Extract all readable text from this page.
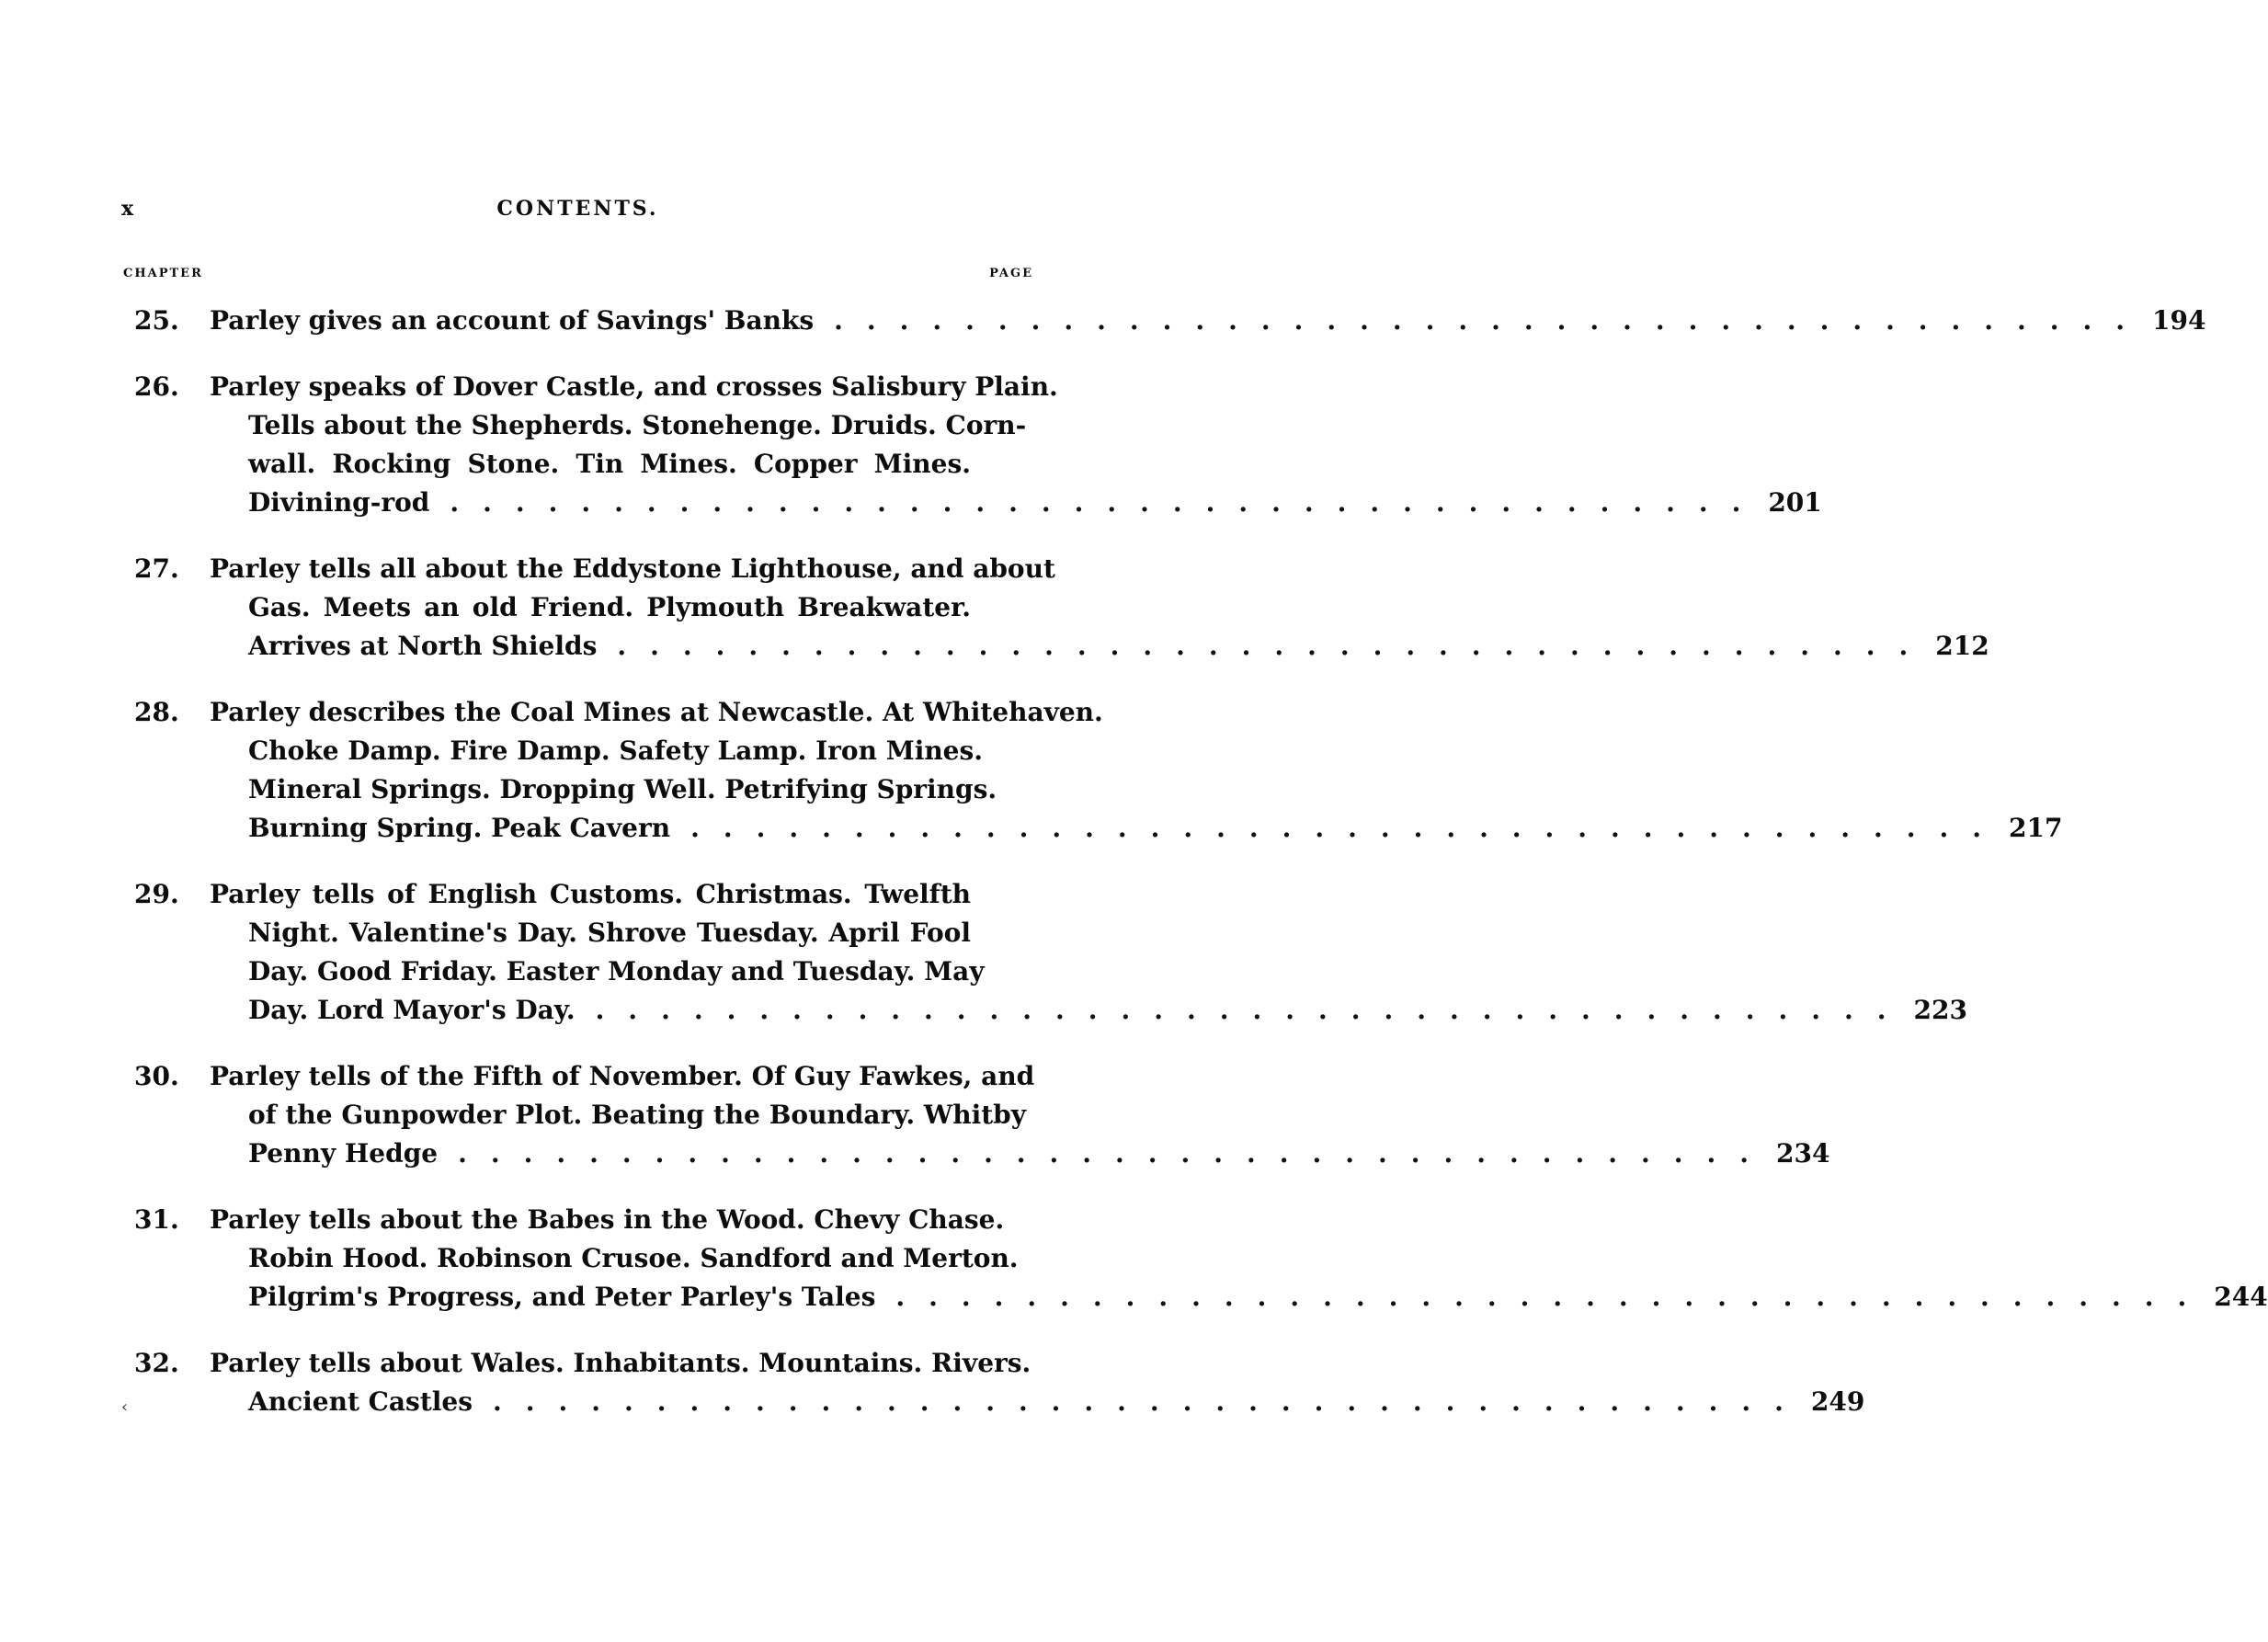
x	CONTENTS.
CHAPTER	PAGE
25.	Parley gives an account of Savings' Banks ........................................ 194
26.	Parley speaks of Dover Castle, and crosses Salisbury Plain.
Tells about the Shepherds. Stonehenge. Druids. Corn-
wall. Rocking Stone. Tin Mines. Copper Mines.
Divining-rod ........................................ 201
27.	Parley tells all about the Eddystone Lighthouse, and about
Gas. Meets an old Friend. Plymouth Breakwater.
Arrives at North Shields ........................................ 212
28.	Parley describes the Coal Mines at Newcastle. At Whitehaven.
Choke Damp. Fire Damp. Safety Lamp. Iron Mines.
Mineral Springs. Dropping Well. Petrifying Springs.
Burning Spring. Peak Cavern ........................................ 217
29.	Parley tells of English Customs. Christmas. Twelfth
Night. Valentine's Day. Shrove Tuesday. April Fool
Day. Good Friday. Easter Monday and Tuesday. May
Day. Lord Mayor's Day. ........................................ 223
30.	Parley tells of the Fifth of November. Of Guy Fawkes, and
of the Gunpowder Plot. Beating the Boundary. Whitby
Penny Hedge ........................................ 234
31.	Parley tells about the Babes in the Wood. Chevy Chase.
Robin Hood. Robinson Crusoe. Sandford and Merton.
Pilgrim's Progress, and Peter Parley's Tales ........................................ 244
32.	Parley tells about Wales. Inhabitants. Mountains. Rivers.
Ancient Castles ........................................ 249
‹
